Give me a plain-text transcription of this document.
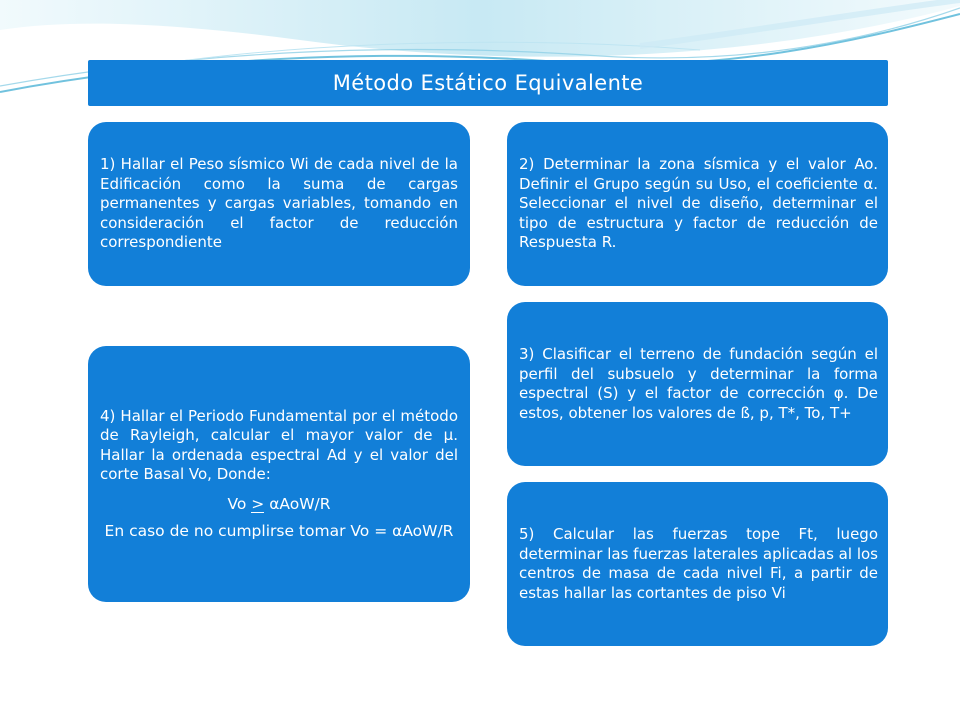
Método Estático Equivalente

1) Hallar el Peso sísmico Wi de cada nivel de la Edificación como la suma de cargas permanentes y cargas variables, tomando en consideración el factor de reducción correspondiente

2) Determinar la zona sísmica y el valor Ao. Definir el Grupo según su Uso, el coeficiente α. Seleccionar el nivel de diseño, determinar el tipo de estructura y factor de reducción de Respuesta R.

3) Clasificar el terreno de fundación según el perfil del subsuelo y determinar la forma espectral (S) y el factor de corrección φ. De estos, obtener los valores de ß, p, T*, To, T+

4) Hallar el Periodo Fundamental por el método de Rayleigh, calcular el mayor valor de μ. Hallar la ordenada espectral Ad y el valor del corte Basal Vo, Donde:

Vo > αAoW/R

En caso de no cumplirse tomar Vo = αAoW/R	5) Calcular las fuerzas tope Ft, luego determinar las fuerzas laterales aplicadas al los centros de masa de cada nivel Fi, a partir de estas hallar las cortantes de piso Vi
